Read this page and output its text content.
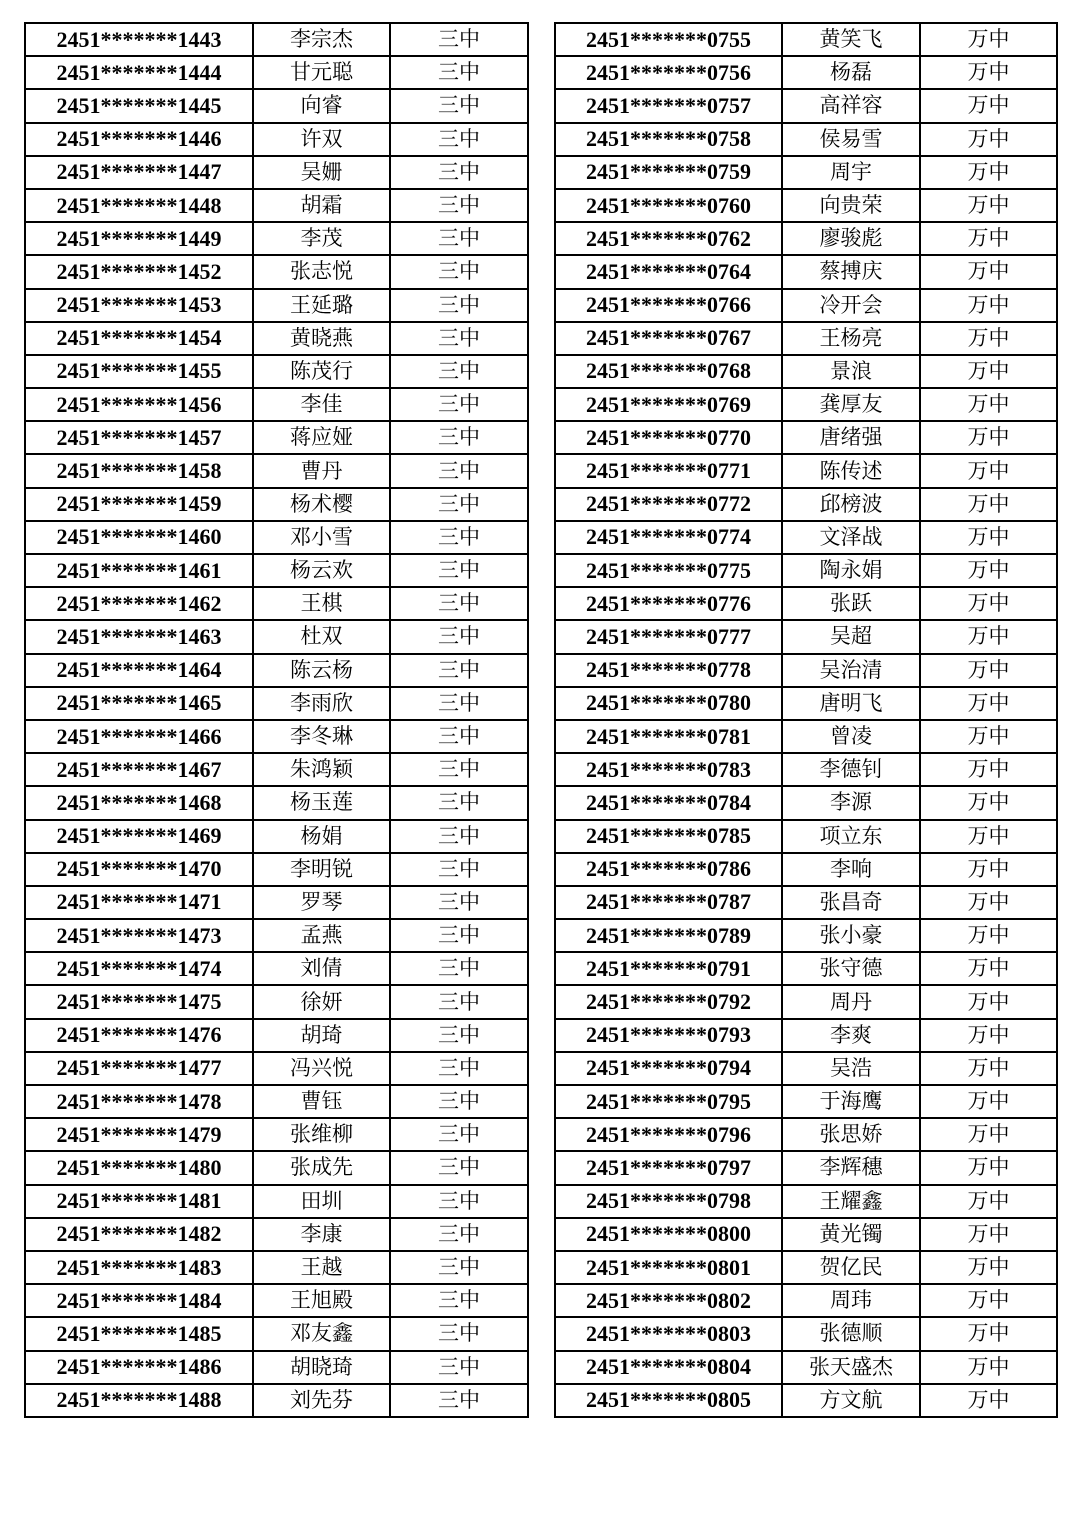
2451*******1443	李宗杰	三中
2451*******1444	甘元聪	三中
2451*******1445	向睿	三中
2451*******1446	许双	三中
2451*******1447	吴姗	三中
2451*******1448	胡霜	三中
2451*******1449	李茂	三中
2451*******1452	张志悦	三中
2451*******1453	王延璐	三中
2451*******1454	黄晓燕	三中
2451*******1455	陈茂行	三中
2451*******1456	李佳	三中
2451*******1457	蒋应娅	三中
2451*******1458	曹丹	三中
2451*******1459	杨术樱	三中
2451*******1460	邓小雪	三中
2451*******1461	杨云欢	三中
2451*******1462	王棋	三中
2451*******1463	杜双	三中
2451*******1464	陈云杨	三中
2451*******1465	李雨欣	三中
2451*******1466	李冬琳	三中
2451*******1467	朱鸿颖	三中
2451*******1468	杨玉莲	三中
2451*******1469	杨娟	三中
2451*******1470	李明锐	三中
2451*******1471	罗琴	三中
2451*******1473	孟燕	三中
2451*******1474	刘倩	三中
2451*******1475	徐妍	三中
2451*******1476	胡琦	三中
2451*******1477	冯兴悦	三中
2451*******1478	曹钰	三中
2451*******1479	张维柳	三中
2451*******1480	张成先	三中
2451*******1481	田圳	三中
2451*******1482	李康	三中
2451*******1483	王越	三中
2451*******1484	王旭殿	三中
2451*******1485	邓友鑫	三中
2451*******1486	胡晓琦	三中
2451*******1488	刘先芬	三中
2451*******0755	黄笑飞	万中
2451*******0756	杨磊	万中
2451*******0757	高祥容	万中
2451*******0758	侯易雪	万中
2451*******0759	周宇	万中
2451*******0760	向贵荣	万中
2451*******0762	廖骏彪	万中
2451*******0764	蔡搏庆	万中
2451*******0766	冷开会	万中
2451*******0767	王杨亮	万中
2451*******0768	景浪	万中
2451*******0769	龚厚友	万中
2451*******0770	唐绪强	万中
2451*******0771	陈传述	万中
2451*******0772	邱榜波	万中
2451*******0774	文泽战	万中
2451*******0775	陶永娟	万中
2451*******0776	张跃	万中
2451*******0777	吴超	万中
2451*******0778	吴治清	万中
2451*******0780	唐明飞	万中
2451*******0781	曾凌	万中
2451*******0783	李德钊	万中
2451*******0784	李源	万中
2451*******0785	项立东	万中
2451*******0786	李响	万中
2451*******0787	张昌奇	万中
2451*******0789	张小豪	万中
2451*******0791	张守德	万中
2451*******0792	周丹	万中
2451*******0793	李爽	万中
2451*******0794	吴浩	万中
2451*******0795	于海鹰	万中
2451*******0796	张思娇	万中
2451*******0797	李辉穗	万中
2451*******0798	王耀鑫	万中
2451*******0800	黄光镯	万中
2451*******0801	贺亿民	万中
2451*******0802	周玮	万中
2451*******0803	张德顺	万中
2451*******0804	张天盛杰	万中
2451*******0805	方文航	万中
